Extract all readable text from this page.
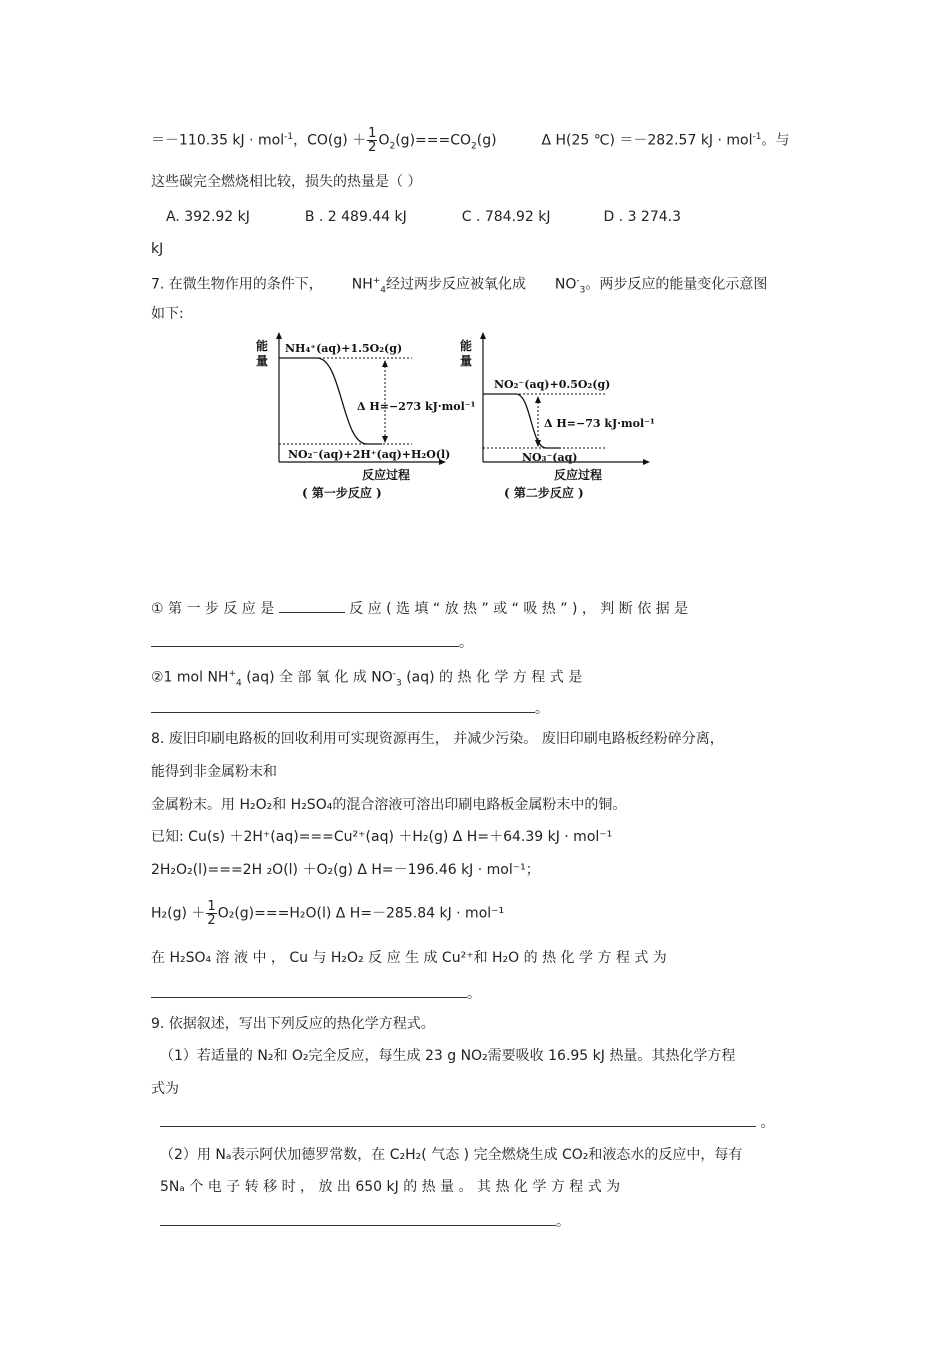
＝－110.35 kJ · mol$^{-1}$，$CO(g) + \frac{1}{2} O_2(g)===CO_2(g)$	Δ H(25 ℃) ＝－282.57 kJ · mol$^{-1}$。与
这些碳完全燃烧相比较，损失的热量是（ ）
A. 392.92 kJ	B . 2 489.44 kJ	C . 784.92 kJ	D . 3 274.3
kJ
7. 在微生物作用的条件下， $NH^+_4$经过两步反应被氧化成 $NO^-_3$。两步反应的能量变化示意图
如下:
能
量
NH₄⁺(aq)+1.5O₂(g)
Δ H=−273 kJ·mol⁻¹
NO₂⁻(aq)+2H⁺(aq)+H₂O(l)
反应过程
( 第一步反应 )
能
量
NO₂⁻(aq)+0.5O₂(g)
Δ H=−73 kJ·mol⁻¹
NO₃⁻(aq)
反应过程
( 第二步反应 )
① 第 一 步 反 应 是	反 应 ( 选 填 “ 放 热 ” 或 “ 吸 热 ” ) ， 判 断 依 据 是
。
②1 mol $NH^+_4$ (aq) 全 部 氧 化 成 $NO^-_3$ (aq) 的 热 化 学 方 程 式 是
。
8. 废旧印刷电路板的回收利用可实现资源再生， 并减少污染。 废旧印刷电路板经粉碎分离，
能得到非金属粉末和
金属粉末。用 H₂O₂和 H₂SO₄的混合溶液可溶出印刷电路板金属粉末中的铜。
已知: Cu(s) ＋2H⁺(aq)===Cu²⁺(aq) ＋H₂(g) Δ H=＋64.39 kJ · mol⁻¹
2H₂O₂(l)===2H ₂O(l) ＋O₂(g) Δ H=－196.46 kJ · mol⁻¹；
$H_2(g) + \frac{1}{2} O_2(g)===H_2O(l)$ Δ H=－285.84 kJ · mol⁻¹
在 H₂SO₄ 溶 液 中 ， Cu 与 H₂O₂ 反 应 生 成 Cu²⁺和 H₂O 的 热 化 学 方 程 式 为
。
9. 依据叙述，写出下列反应的热化学方程式。
（1）若适量的 N₂和 O₂完全反应，每生成 23 g NO₂需要吸收 16.95 kJ 热量。其热化学方程
式为
。
（2）用 Nₐ表示阿伏加德罗常数，在 C₂H₂( 气态 ) 完全燃烧生成 CO₂和液态水的反应中，每有
5Nₐ 个 电 子 转 移 时 ， 放 出 650 kJ 的 热 量 。 其 热 化 学 方 程 式 为
。
